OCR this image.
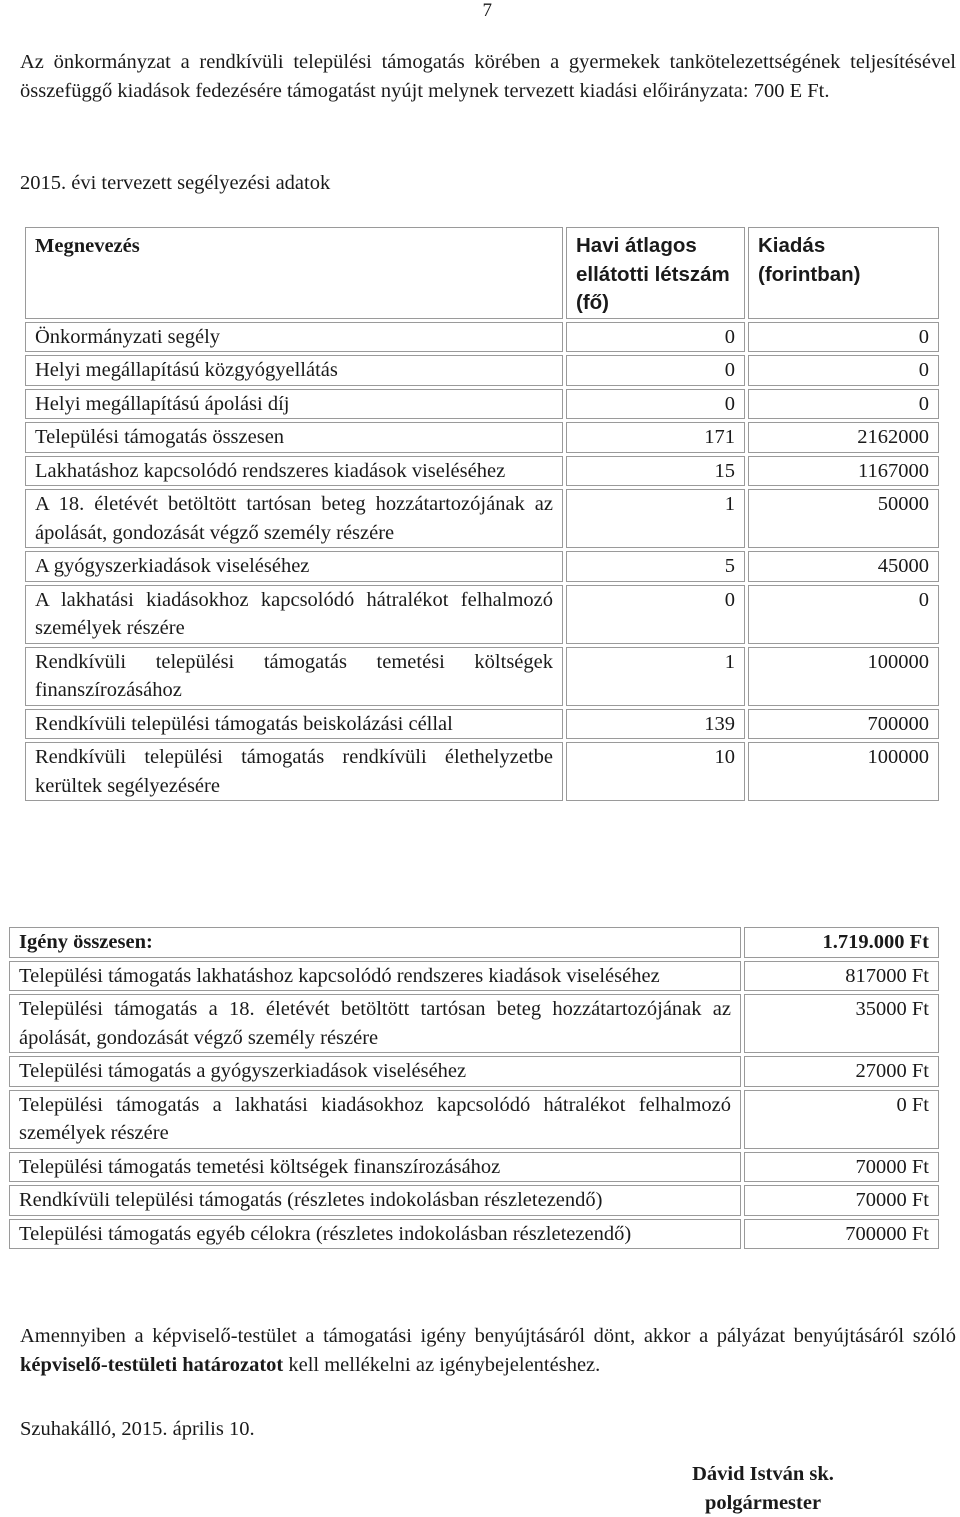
7
Az önkormányzat a rendkívüli települési támogatás körében a gyermekek tankötelezettségének teljesítésével összefüggő kiadások fedezésére támogatást nyújt melynek tervezett kiadási előirányzata: 700 E Ft.
2015. évi tervezett segélyezési adatok
Megnevezés	Havi átlagos ellátotti létszám (fő)	Kiadás (forintban)
Önkormányzati segély	0	0
Helyi megállapítású közgyógyellátás	0	0
Helyi megállapítású ápolási díj	0	0
Települési támogatás összesen	171	2162000
Lakhatáshoz kapcsolódó rendszeres kiadások viseléséhez	15	1167000
A 18. életévét betöltött tartósan beteg hozzátartozójának az ápolását, gondozását végző személy részére	1	50000
A gyógyszerkiadások viseléséhez	5	45000
A lakhatási kiadásokhoz kapcsolódó hátralékot felhalmozó személyek részére	0	0
Rendkívüli települési támogatás temetési költségek finanszírozásához	1	100000
Rendkívüli települési támogatás beiskolázási céllal	139	700000
Rendkívüli települési támogatás rendkívüli élethelyzetbe kerültek segélyezésére	10	100000
Igény összesen:	1.719.000 Ft
Települési támogatás lakhatáshoz kapcsolódó rendszeres kiadások viseléséhez	817000 Ft
Települési támogatás a 18. életévét betöltött tartósan beteg hozzátartozójának az ápolását, gondozását végző személy részére	35000 Ft
Települési támogatás a gyógyszerkiadások viseléséhez	27000 Ft
Települési támogatás a lakhatási kiadásokhoz kapcsolódó hátralékot felhalmozó személyek részére	0 Ft
Települési támogatás temetési költségek finanszírozásához	70000 Ft
Rendkívüli települési támogatás (részletes indokolásban részletezendő)	70000 Ft
Települési támogatás egyéb célokra (részletes indokolásban részletezendő)	700000 Ft
Amennyiben a képviselő-testület a támogatási igény benyújtásáról dönt, akkor a pályázat benyújtásáról szóló képviselő-testületi határozatot kell mellékelni az igénybejelentéshez.
Szuhakálló, 2015. április 10.
Dávid István sk.
polgármester
